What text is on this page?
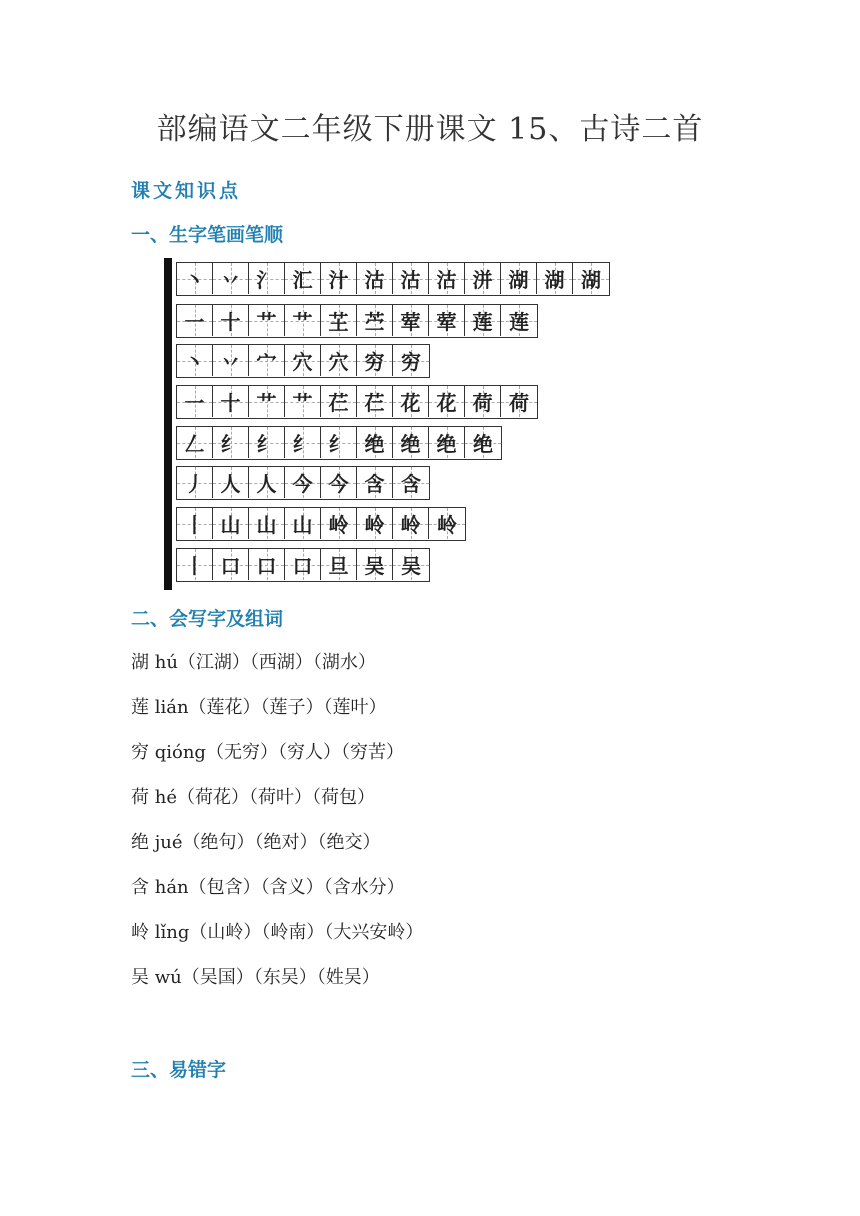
部编语文二年级下册课文 15、古诗二首
课文知识点
一、生字笔画笔顺
丶 丷 氵 汇 汁 沽 沽 沽 洴 湖 湖 湖
一 十 艹 艹 芏 苎 荤 荤 莲 莲
丶 丷 宀 穴 穴 穷 穷
一 十 艹 艹 芢 芢 花 花 荷 荷
𠃋 纟 纟 纟 纟 绝 绝 绝 绝
丿 人 人 今 今 含 含
丨 山 山 山 岭 岭 岭 岭
丨 口 口 口 旦 吴 吴
二、会写字及组词
湖 hú（江湖）（西湖）（湖水）
莲 lián（莲花）（莲子）（莲叶）
穷 qióng（无穷）（穷人）（穷苦）
荷 hé（荷花）（荷叶）（荷包）
绝 jué（绝句）（绝对）（绝交）
含 hán（包含）（含义）（含水分）
岭 lǐng（山岭）（岭南）（大兴安岭）
吴 wú（吴国）（东吴）（姓吴）
三、易错字
